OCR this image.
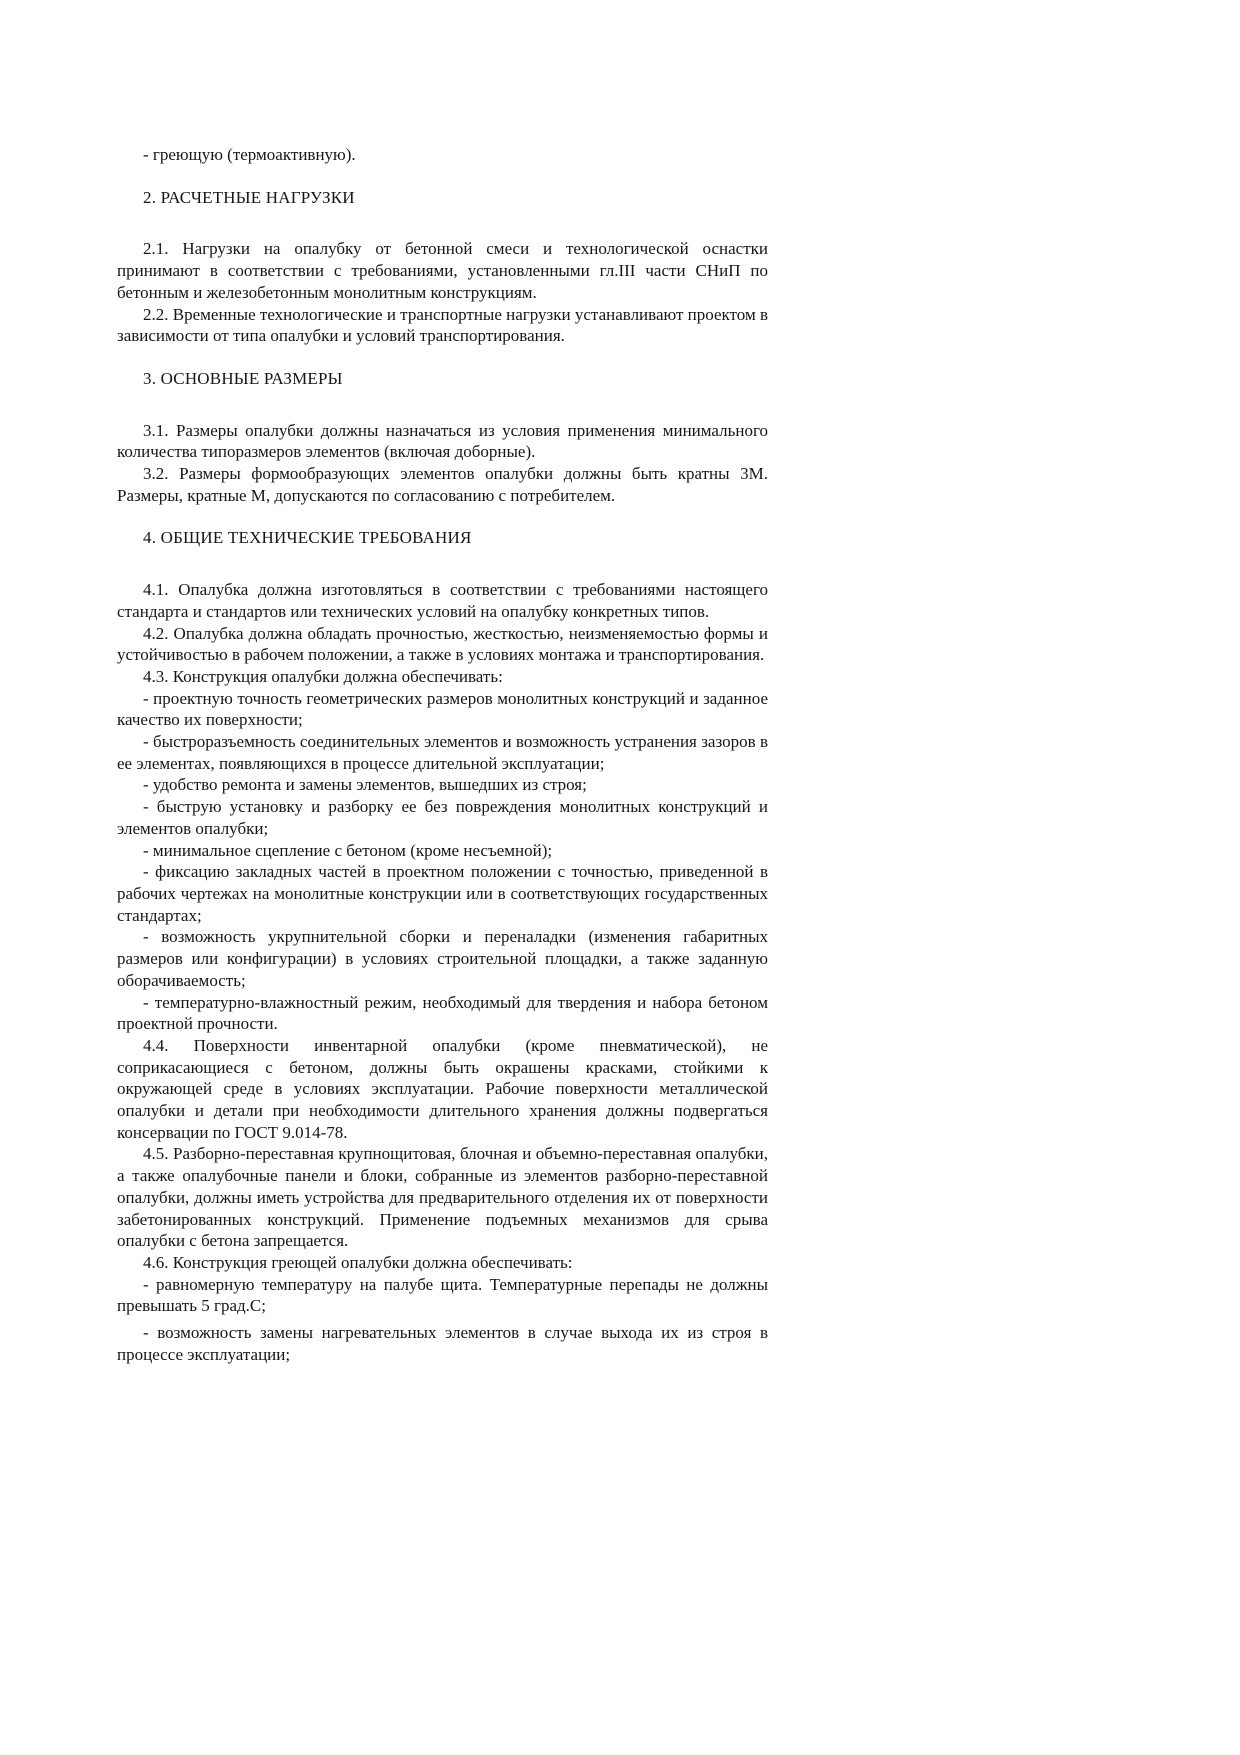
- греющую (термоактивную).

2. РАСЧЕТНЫЕ НАГРУЗКИ

2.1. Нагрузки на опалубку от бетонной смеси и технологической оснастки принимают в соответствии с требованиями, установленными гл.III части СНиП по бетонным и железобетонным монолитным конструкциям.

2.2. Временные технологические и транспортные нагрузки устанавливают проектом в зависимости от типа опалубки и условий транспортирования.

3. ОСНОВНЫЕ РАЗМЕРЫ

3.1. Размеры опалубки должны назначаться из условия применения минимального количества типоразмеров элементов (включая доборные).

3.2. Размеры формообразующих элементов опалубки должны быть кратны 3М. Размеры, кратные М, допускаются по согласованию с потребителем.

4. ОБЩИЕ ТЕХНИЧЕСКИЕ ТРЕБОВАНИЯ

4.1. Опалубка должна изготовляться в соответствии с требованиями настоящего стандарта и стандартов или технических условий на опалубку конкретных типов.

4.2. Опалубка должна обладать прочностью, жесткостью, неизменяемостью формы и устойчивостью в рабочем положении, а также в условиях монтажа и транспортирования.

4.3. Конструкция опалубки должна обеспечивать:

- проектную точность геометрических размеров монолитных конструкций и заданное качество их поверхности;

- быстроразъемность соединительных элементов и возможность устранения зазоров в ее элементах, появляющихся в процессе длительной эксплуатации;

- удобство ремонта и замены элементов, вышедших из строя;

- быструю установку и разборку ее без повреждения монолитных конструкций и элементов опалубки;

- минимальное сцепление с бетоном (кроме несъемной);

- фиксацию закладных частей в проектном положении с точностью, приведенной в рабочих чертежах на монолитные конструкции или в соответствующих государственных стандартах;

- возможность укрупнительной сборки и переналадки (изменения габаритных размеров или конфигурации) в условиях строительной площадки, а также заданную оборачиваемость;

- температурно-влажностный режим, необходимый для твердения и набора бетоном проектной прочности.

4.4. Поверхности инвентарной опалубки (кроме пневматической), не соприкасающиеся с бетоном, должны быть окрашены красками, стойкими к окружающей среде в условиях эксплуатации. Рабочие поверхности металлической опалубки и детали при необходимости длительного хранения должны подвергаться консервации по ГОСТ 9.014-78.

4.5. Разборно-переставная крупнощитовая, блочная и объемно-переставная опалубки, а также опалубочные панели и блоки, собранные из элементов разборно-переставной опалубки, должны иметь устройства для предварительного отделения их от поверхности забетонированных конструкций. Применение подъемных механизмов для срыва опалубки с бетона запрещается.

4.6. Конструкция греющей опалубки должна обеспечивать:

- равномерную температуру на палубе щита. Температурные перепады не должны превышать 5 град.С;

- возможность замены нагревательных элементов в случае выхода их из строя в процессе эксплуатации;
